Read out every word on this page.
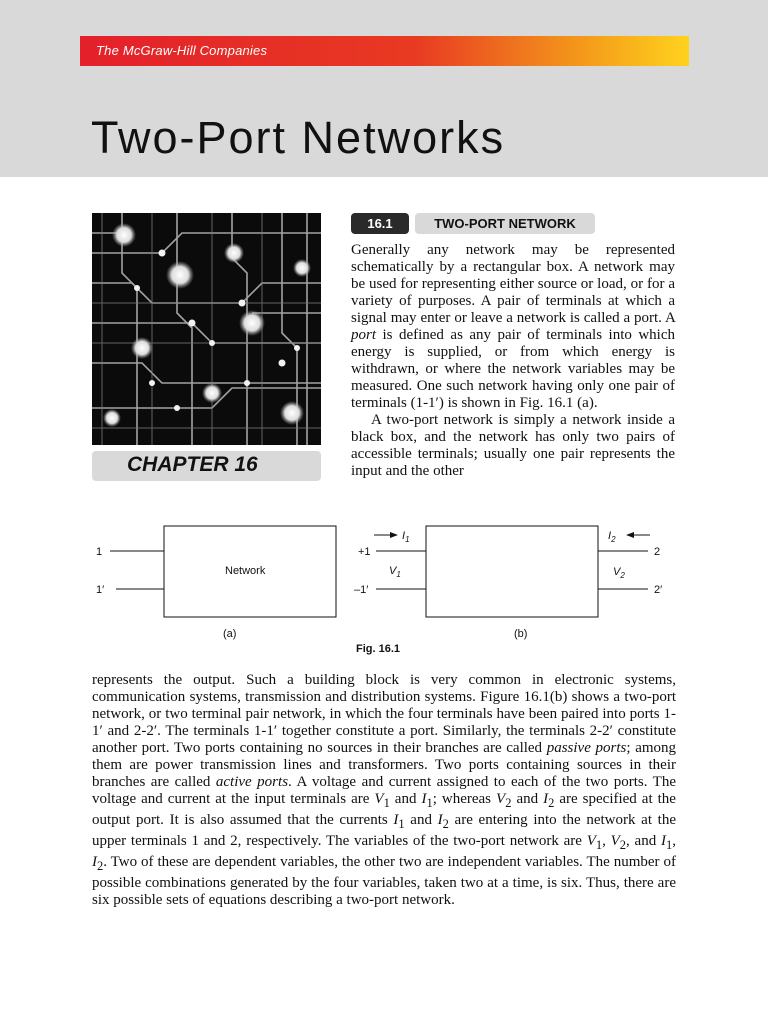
The McGraw-Hill Companies
Two-Port Networks
CHAPTER 16
16.1	TWO-PORT NETWORK

Generally any network may be represented schematically by a rectangular box. A network may be used for representing either source or load, or for a variety of purposes. A pair of terminals at which a signal may enter or leave a network is called a port. A port is defined as any pair of terminals into which energy is supplied, or from which energy is withdrawn, or where the network variables may be measured. One such network having only one pair of terminals (1-1′) is shown in Fig. 16.1 (a).

A two-port network is simply a network inside a black box, and the network has only two pairs of accessible terminals; usually one pair represents the input and the other

Network
1
1′
(a)
$I_1$	$I_2$
$V_1$	$V_2$
+1
–1′
2
2′
(b)
Fig. 16.1

represents the output. Such a building block is very common in electronic systems, communication systems, transmission and distribution systems. Figure 16.1(b) shows a two-port network, or two terminal pair network, in which the four terminals have been paired into ports 1-1′ and 2-2′. The terminals 1-1′ together constitute a port. Similarly, the terminals 2-2′ constitute another port. Two ports containing no sources in their branches are called passive ports; among them are power transmission lines and transformers. Two ports containing sources in their branches are called active ports. A voltage and current assigned to each of the two ports. The voltage and current at the input terminals are $V_1$ and $I_1$; whereas $V_2$ and $I_2$ are specified at the output port. It is also assumed that the currents $I_1$ and $I_2$ are entering into the network at the upper terminals 1 and 2, respectively. The variables of the two-port network are $V_1$, $V_2$, and $I_1$, $I_2$. Two of these are dependent variables, the other two are independent variables. The number of possible combinations generated by the four variables, taken two at a time, is six. Thus, there are six possible sets of equations describing a two-port network.
